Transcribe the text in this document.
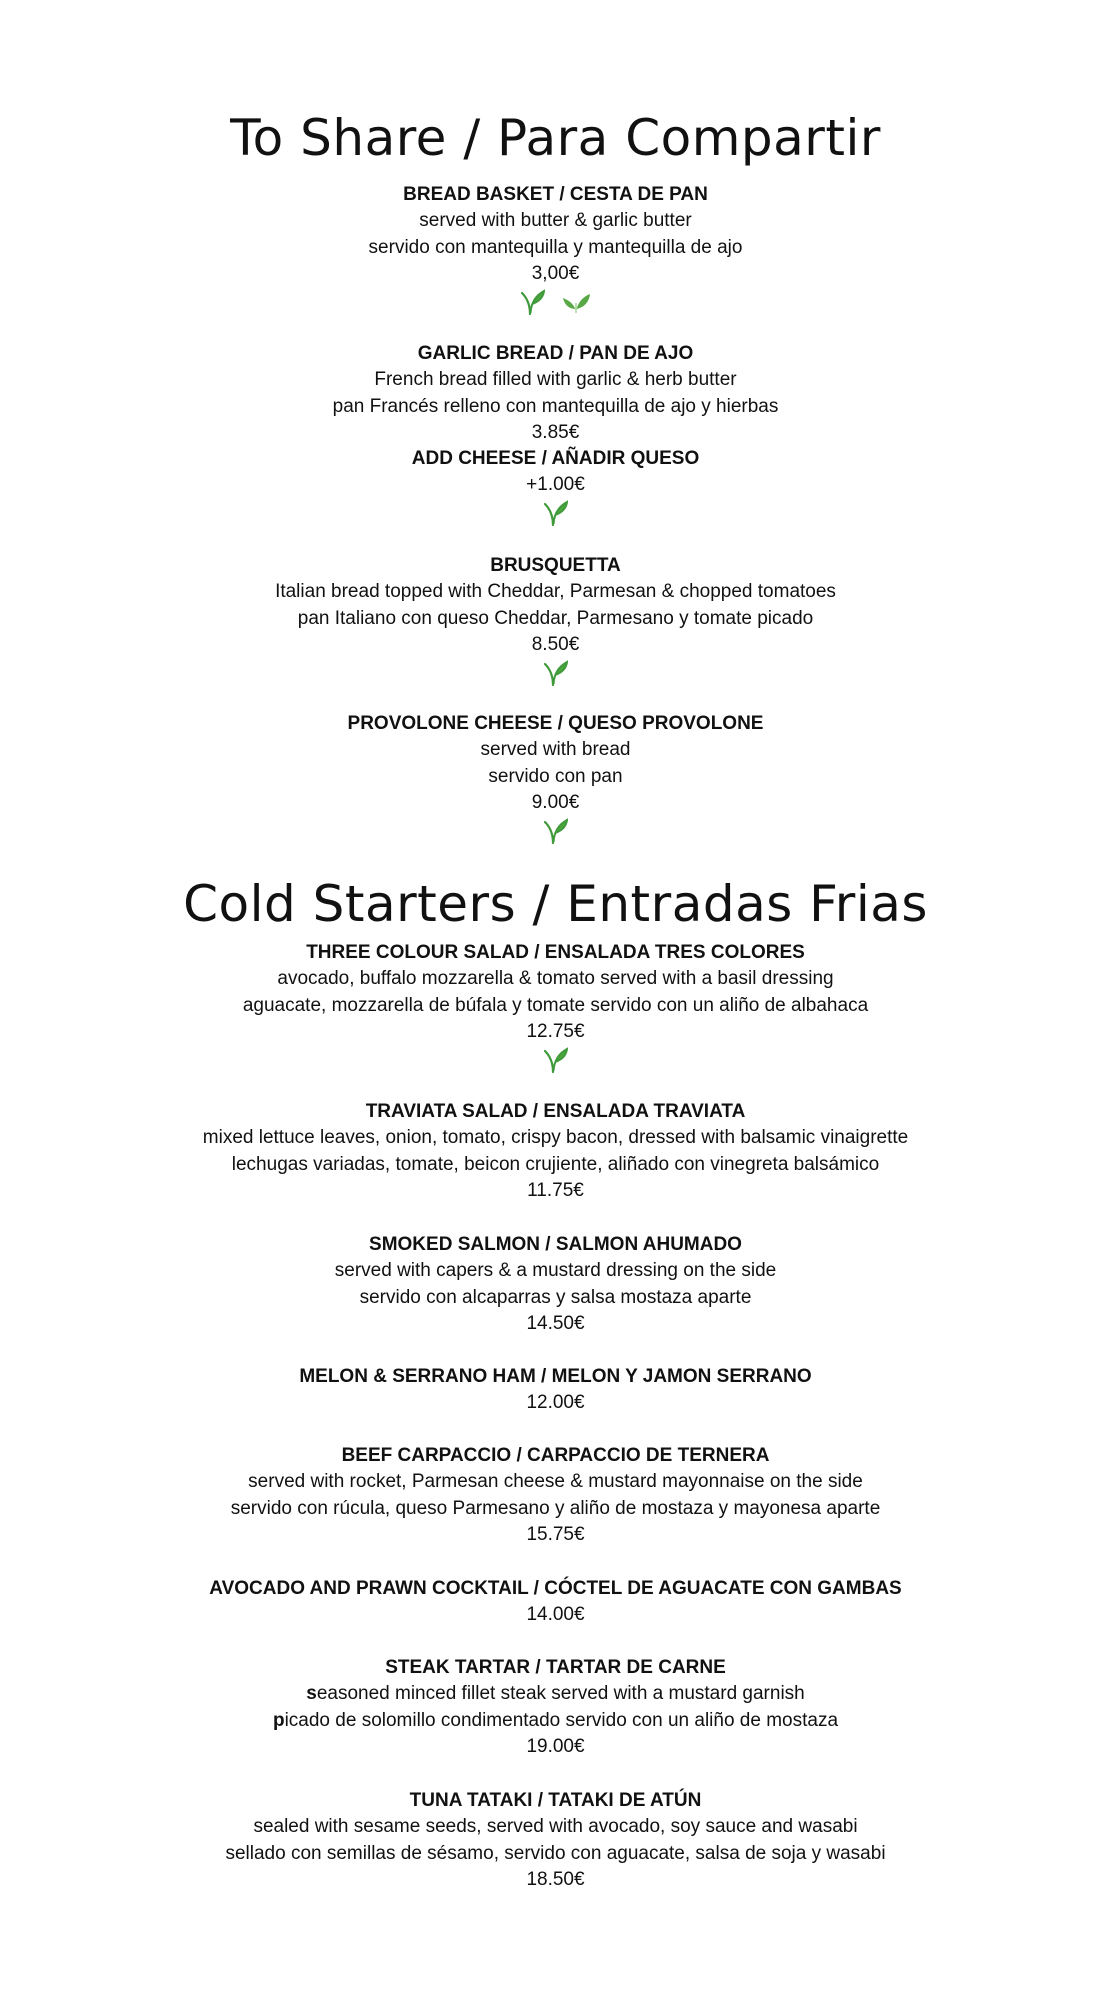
To Share / Para Compartir
BREAD BASKET / CESTA DE PAN
served with butter & garlic butter
servido con mantequilla y mantequilla de ajo
3,00€
GARLIC BREAD / PAN DE AJO
French bread filled with garlic & herb butter
pan Francés relleno con mantequilla de ajo y hierbas
3.85€
ADD CHEESE / AÑADIR QUESO
+1.00€
BRUSQUETTA
Italian bread topped with Cheddar, Parmesan & chopped tomatoes
pan Italiano con queso Cheddar, Parmesano y tomate picado
8.50€
PROVOLONE CHEESE / QUESO PROVOLONE
served with bread
servido con pan
9.00€
Cold Starters / Entradas Frias
THREE COLOUR SALAD / ENSALADA TRES COLORES
avocado, buffalo mozzarella & tomato served with a basil dressing
aguacate, mozzarella de búfala y tomate servido con un aliño de albahaca
12.75€
TRAVIATA SALAD / ENSALADA TRAVIATA
mixed lettuce leaves, onion, tomato, crispy bacon, dressed with balsamic vinaigrette
lechugas variadas, tomate, beicon crujiente, aliñado con vinegreta balsámico
11.75€
SMOKED SALMON / SALMON AHUMADO
served with capers & a mustard dressing on the side
servido con alcaparras y salsa mostaza aparte
14.50€
MELON & SERRANO HAM / MELON Y JAMON SERRANO
12.00€
BEEF CARPACCIO / CARPACCIO DE TERNERA
served with rocket, Parmesan cheese & mustard mayonnaise on the side
servido con rúcula, queso Parmesano y aliño de mostaza y mayonesa aparte
15.75€
AVOCADO AND PRAWN COCKTAIL / CÓCTEL DE AGUACATE CON GAMBAS
14.00€
STEAK TARTAR / TARTAR DE CARNE
seasoned minced fillet steak served with a mustard garnish
picado de solomillo condimentado servido con un aliño de mostaza
19.00€
TUNA TATAKI / TATAKI DE ATÚN
sealed with sesame seeds, served with avocado, soy sauce and wasabi
sellado con semillas de sésamo, servido con aguacate, salsa de soja y wasabi
18.50€
